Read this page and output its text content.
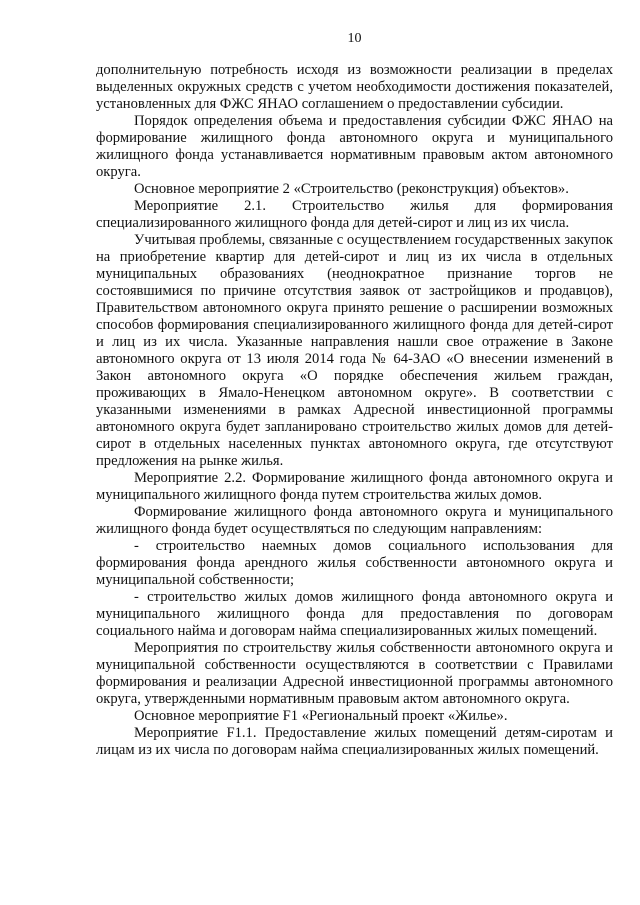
10

дополнительную потребность исходя из возможности реализации в пределах выделенных окружных средств с учетом необходимости достижения показателей, установленных для ФЖС ЯНАО соглашением о предоставлении субсидии.

Порядок определения объема и предоставления субсидии ФЖС ЯНАО на формирование жилищного фонда автономного округа и муниципального жилищного фонда устанавливается нормативным правовым актом автономного округа.

Основное мероприятие 2 «Строительство (реконструкция) объектов».

Мероприятие 2.1. Строительство жилья для формирования специализированного жилищного фонда для детей-сирот и лиц из их числа.

Учитывая проблемы, связанные с осуществлением государственных закупок на приобретение квартир для детей-сирот и лиц из их числа в отдельных муниципальных образованиях (неоднократное признание торгов не состоявшимися по причине отсутствия заявок от застройщиков и продавцов), Правительством автономного округа принято решение о расширении возможных способов формирования специализированного жилищного фонда для детей-сирот и лиц из их числа. Указанные направления нашли свое отражение в Законе автономного округа от 13 июля 2014 года № 64-ЗАО «О внесении изменений в Закон автономного округа «О порядке обеспечения жильем граждан, проживающих в Ямало-Ненецком автономном округе». В соответствии с указанными изменениями в рамках Адресной инвестиционной программы автономного округа будет запланировано строительство жилых домов для детей-сирот в отдельных населенных пунктах автономного округа, где отсутствуют предложения на рынке жилья.

Мероприятие 2.2. Формирование жилищного фонда автономного округа и муниципального жилищного фонда путем строительства жилых домов.

Формирование жилищного фонда автономного округа и муниципального жилищного фонда будет осуществляться по следующим направлениям:

- строительство наемных домов социального использования для формирования фонда арендного жилья собственности автономного округа и муниципальной собственности;

- строительство жилых домов жилищного фонда автономного округа и муниципального жилищного фонда для предоставления по договорам социального найма и договорам найма специализированных жилых помещений.

Мероприятия по строительству жилья собственности автономного округа и муниципальной собственности осуществляются в соответствии с Правилами формирования и реализации Адресной инвестиционной программы автономного округа, утвержденными нормативным правовым актом автономного округа.

Основное мероприятие F1 «Региональный проект «Жилье».

Мероприятие F1.1. Предоставление жилых помещений детям-сиротам и лицам из их числа по договорам найма специализированных жилых помещений.
